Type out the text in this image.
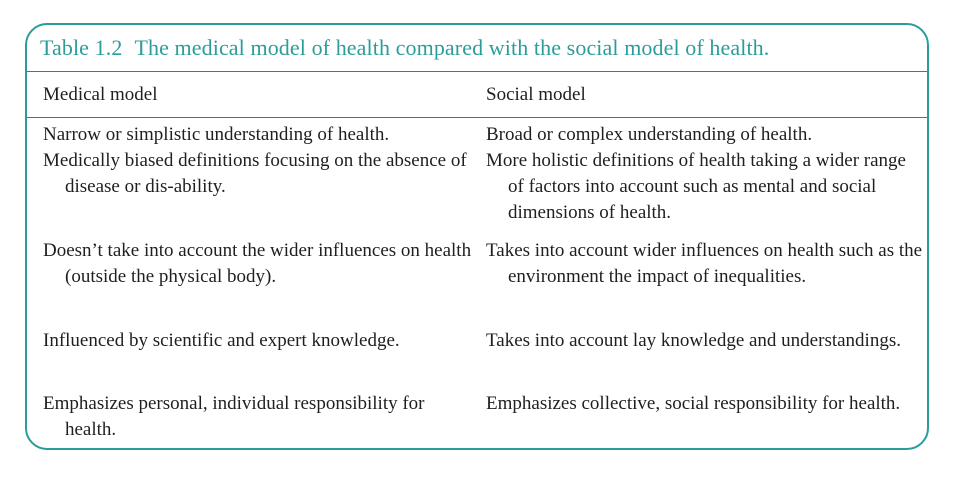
Table 1.2 The medical model of health compared with the social model of health.
Medical model	Social model

Narrow or simplistic understanding of health.

Medically biased definitions focusing on the absence of disease or dis-ability.

Broad or complex understanding of health.

More holistic definitions of health taking a wider range of factors into account such as mental and social dimensions of health.

Doesn’t take into account the wider influences on health (outside the physical body).

Takes into account wider influences on health such as the environment the impact of inequalities.

Influenced by scientific and expert knowledge.	Takes into account lay knowledge and understandings.

Emphasizes personal, individual responsibility for health.

Emphasizes collective, social responsibility for health.
